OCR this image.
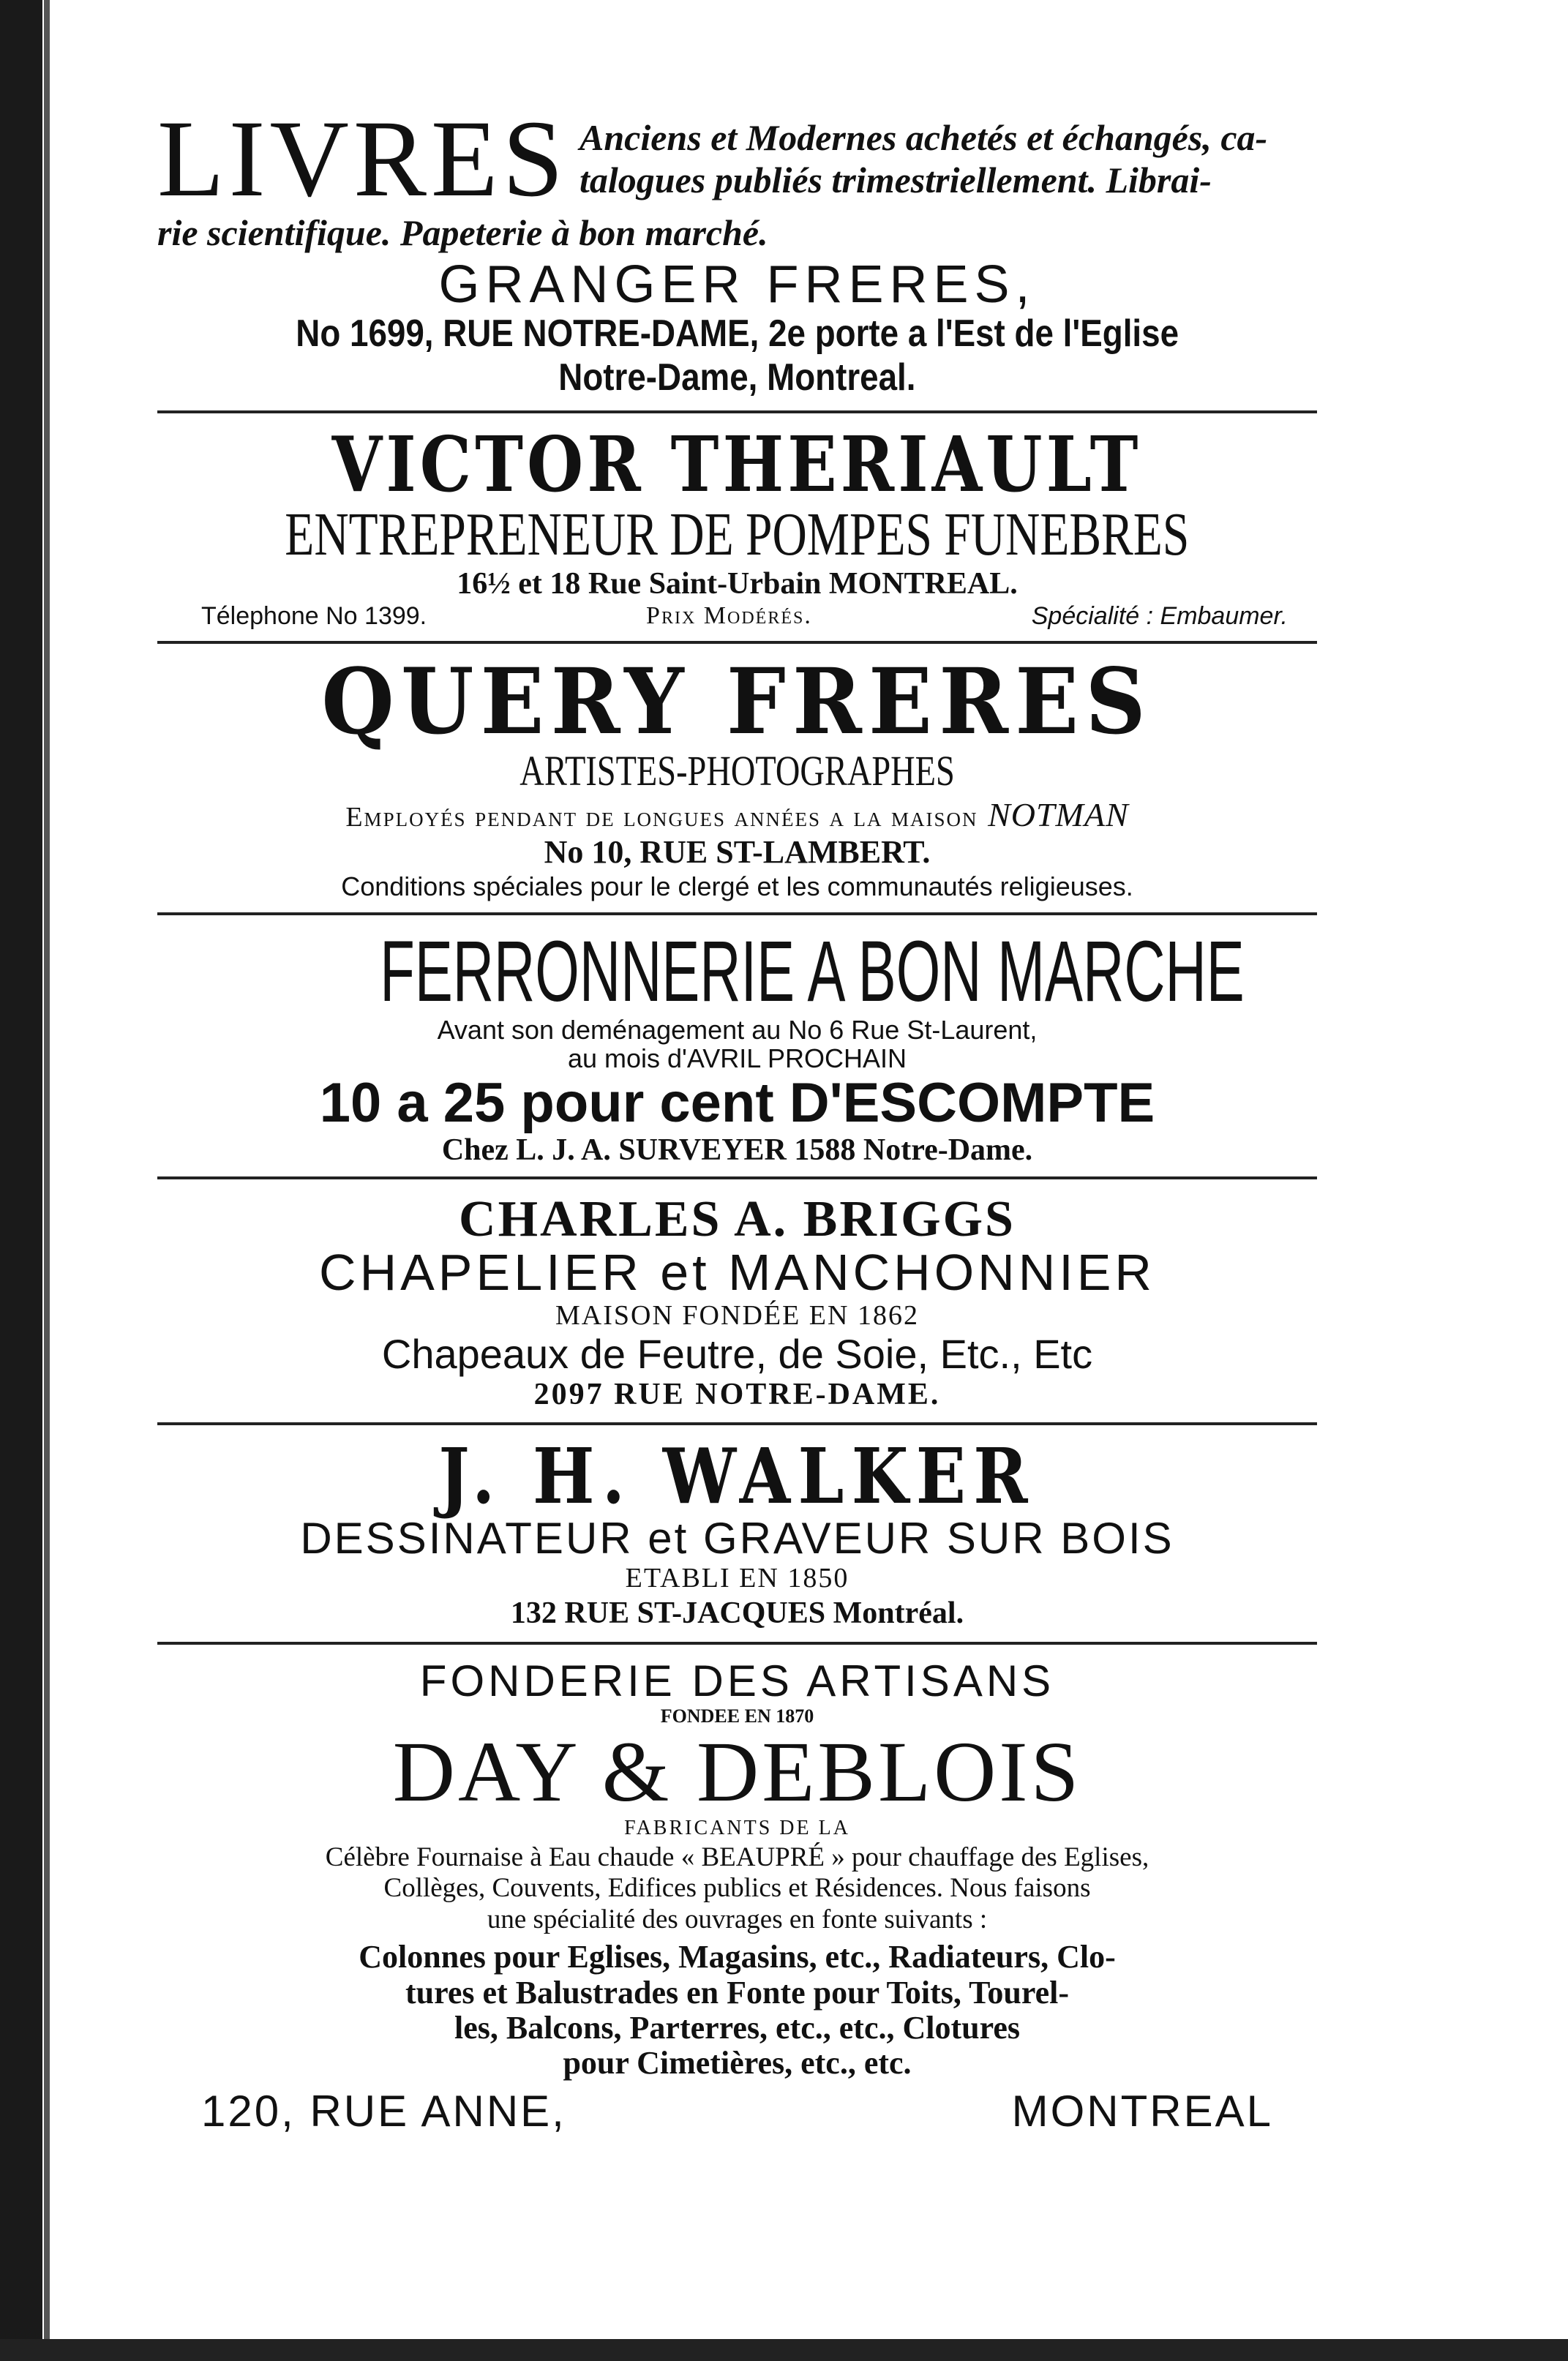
LIVRES Anciens et Modernes achetés et échangés, ca-
talogues publiés trimestriellement. Librai-

rie scientifique. Papeterie à bon marché.

GRANGER FRERES,

No 1699, RUE NOTRE-DAME, 2e porte a l'Est de l'Eglise

Notre-Dame, Montreal.

VICTOR THERIAULT

ENTREPRENEUR DE POMPES FUNEBRES

16½ et 18 Rue Saint-Urbain MONTREAL.

Télephone No 1399.	Prix Modérés.	Spécialité : Embaumer.

QUERY FRERES

ARTISTES-PHOTOGRAPHES

Employés pendant de longues années a la maison NOTMAN

No 10, RUE ST-LAMBERT.

Conditions spéciales pour le clergé et les communautés religieuses.

FERRONNERIE A BON MARCHE

Avant son deménagement au No 6 Rue St-Laurent,

au mois d'AVRIL PROCHAIN

10 a 25 pour cent D'ESCOMPTE

Chez L. J. A. SURVEYER 1588 Notre-Dame.

CHARLES A. BRIGGS

CHAPELIER et MANCHONNIER

MAISON FONDÉE EN 1862

Chapeaux de Feutre, de Soie, Etc., Etc

2097 RUE NOTRE-DAME.

J. H. WALKER

DESSINATEUR et GRAVEUR SUR BOIS

ETABLI EN 1850

132 RUE ST-JACQUES Montréal.

FONDERIE DES ARTISANS

FONDEE EN 1870

DAY & DEBLOIS

FABRICANTS DE LA

Célèbre Fournaise à Eau chaude « BEAUPRÉ » pour chauffage des Eglises,

Collèges, Couvents, Edifices publics et Résidences. Nous faisons

une spécialité des ouvrages en fonte suivants :

Colonnes pour Eglises, Magasins, etc., Radiateurs, Clo-

tures et Balustrades en Fonte pour Toits, Tourel-

les, Balcons, Parterres, etc., etc., Clotures

pour Cimetières, etc., etc.

120, RUE ANNE,	MONTREAL
